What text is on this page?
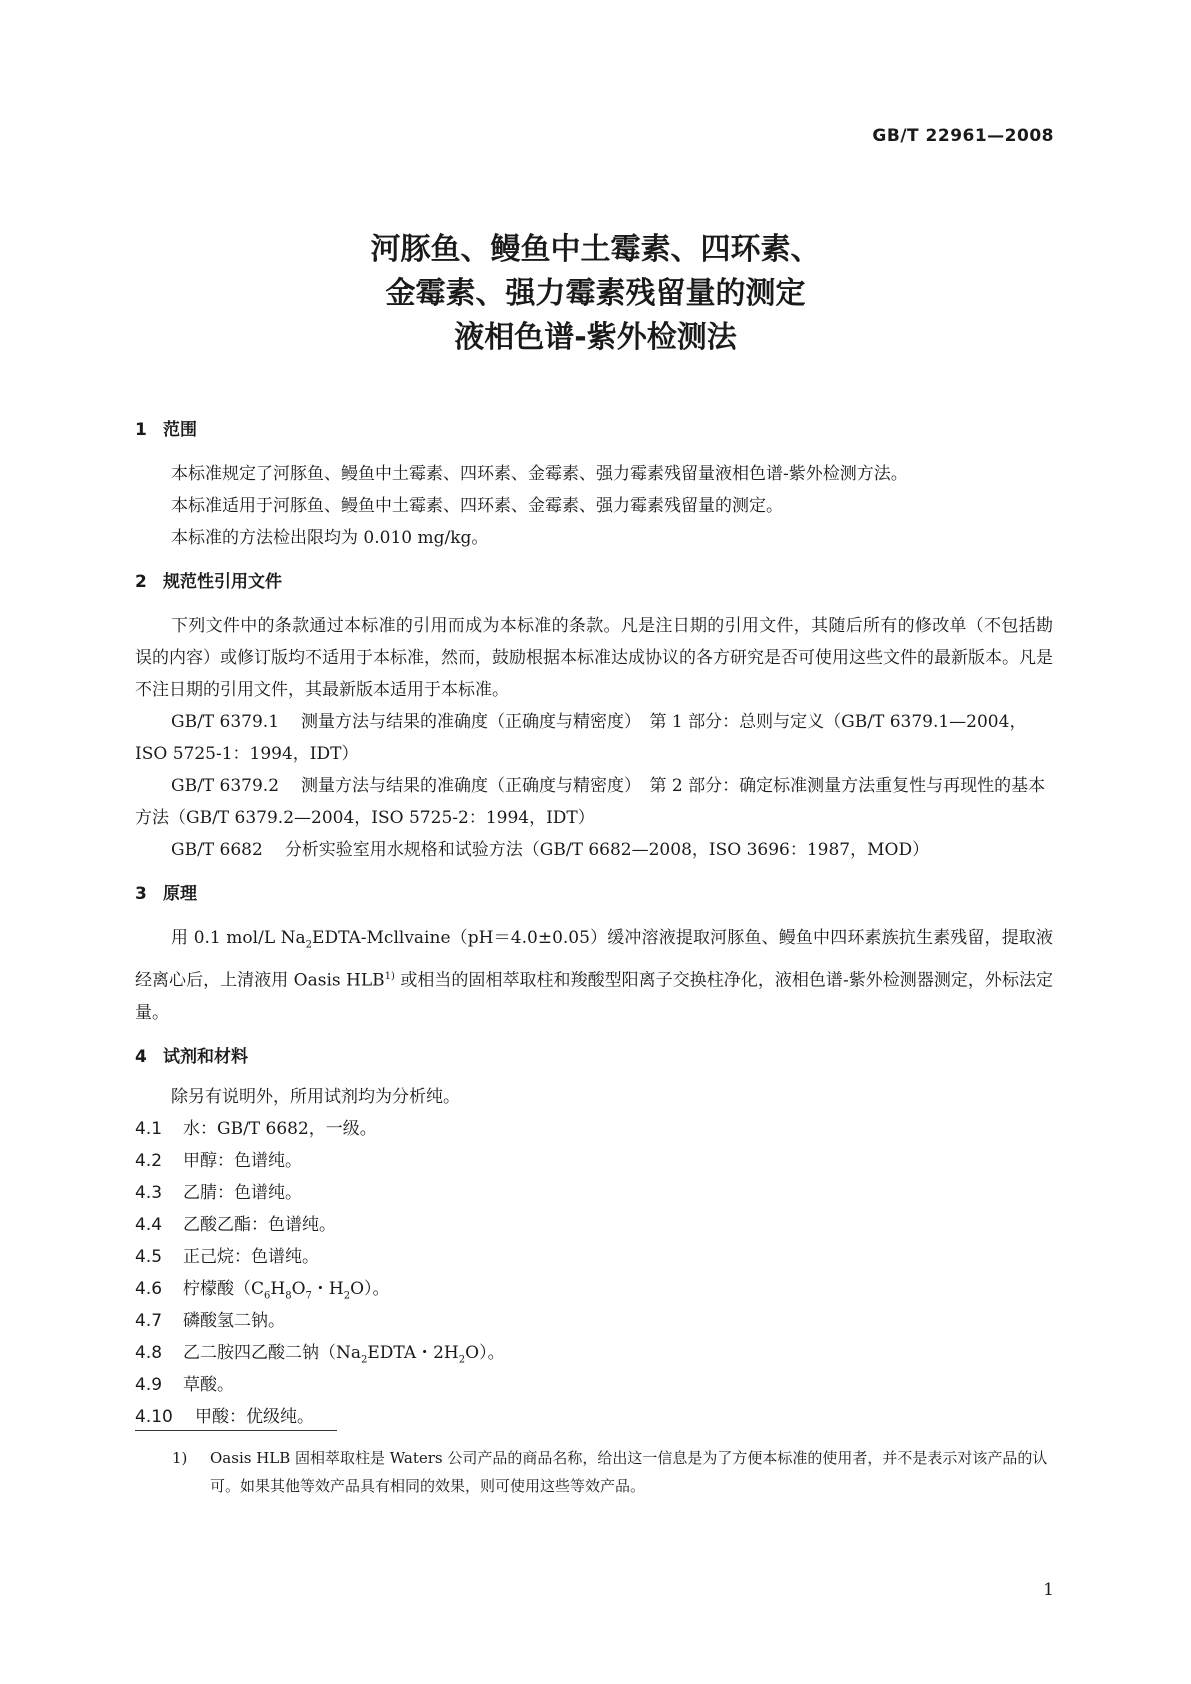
GB/T 22961—2008
河豚鱼、鳗鱼中土霉素、四环素、
金霉素、强力霉素残留量的测定
液相色谱-紫外检测法
1 范围

本标准规定了河豚鱼、鳗鱼中土霉素、四环素、金霉素、强力霉素残留量液相色谱-紫外检测方法。

本标准适用于河豚鱼、鳗鱼中土霉素、四环素、金霉素、强力霉素残留量的测定。

本标准的方法检出限均为 0.010 mg/kg。

2 规范性引用文件

下列文件中的条款通过本标准的引用而成为本标准的条款。凡是注日期的引用文件，其随后所有的修改单（不包括勘误的内容）或修订版均不适用于本标准，然而，鼓励根据本标准达成协议的各方研究是否可使用这些文件的最新版本。凡是不注日期的引用文件，其最新版本适用于本标准。

GB/T 6379.1 测量方法与结果的准确度（正确度与精密度）　第 1 部分：总则与定义（GB/T 6379.1—2004，ISO 5725-1：1994，IDT）

GB/T 6379.2 测量方法与结果的准确度（正确度与精密度）　第 2 部分：确定标准测量方法重复性与再现性的基本方法（GB/T 6379.2—2004，ISO 5725-2：1994，IDT）

GB/T 6682 分析实验室用水规格和试验方法（GB/T 6682—2008，ISO 3696：1987，MOD）

3 原理

用 0.1 mol/L $Na_2EDTA-Mcllvaine(pH=4.0\pm 0.05)$缓冲溶液提取河豚鱼、鳗鱼中四环素族抗生素残留，提取液经离心后，上清液用 Oasis HLB$^{1)}$ 或相当的固相萃取柱和羧酸型阳离子交换柱净化，液相色谱-紫外检测器测定，外标法定量。

4 试剂和材料

除另有说明外，所用试剂均为分析纯。

4.1	水：GB/T 6682，一级。
4.2	甲醇：色谱纯。
4.3	乙腈：色谱纯。
4.4	乙酸乙酯：色谱纯。
4.5	正己烷：色谱纯。
4.6	柠檬酸（$C_6H_8O_7$・$H_2O$）。
4.7	磷酸氢二钠。
4.8	乙二胺四乙酸二钠（$Na_2EDTA$・$2H_2O$）。
4.9	草酸。
4.10	甲酸：优级纯。
1) Oasis HLB 固相萃取柱是 Waters 公司产品的商品名称，给出这一信息是为了方便本标准的使用者，并不是表示对该产品的认可。如果其他等效产品具有相同的效果，则可使用这些等效产品。
1
